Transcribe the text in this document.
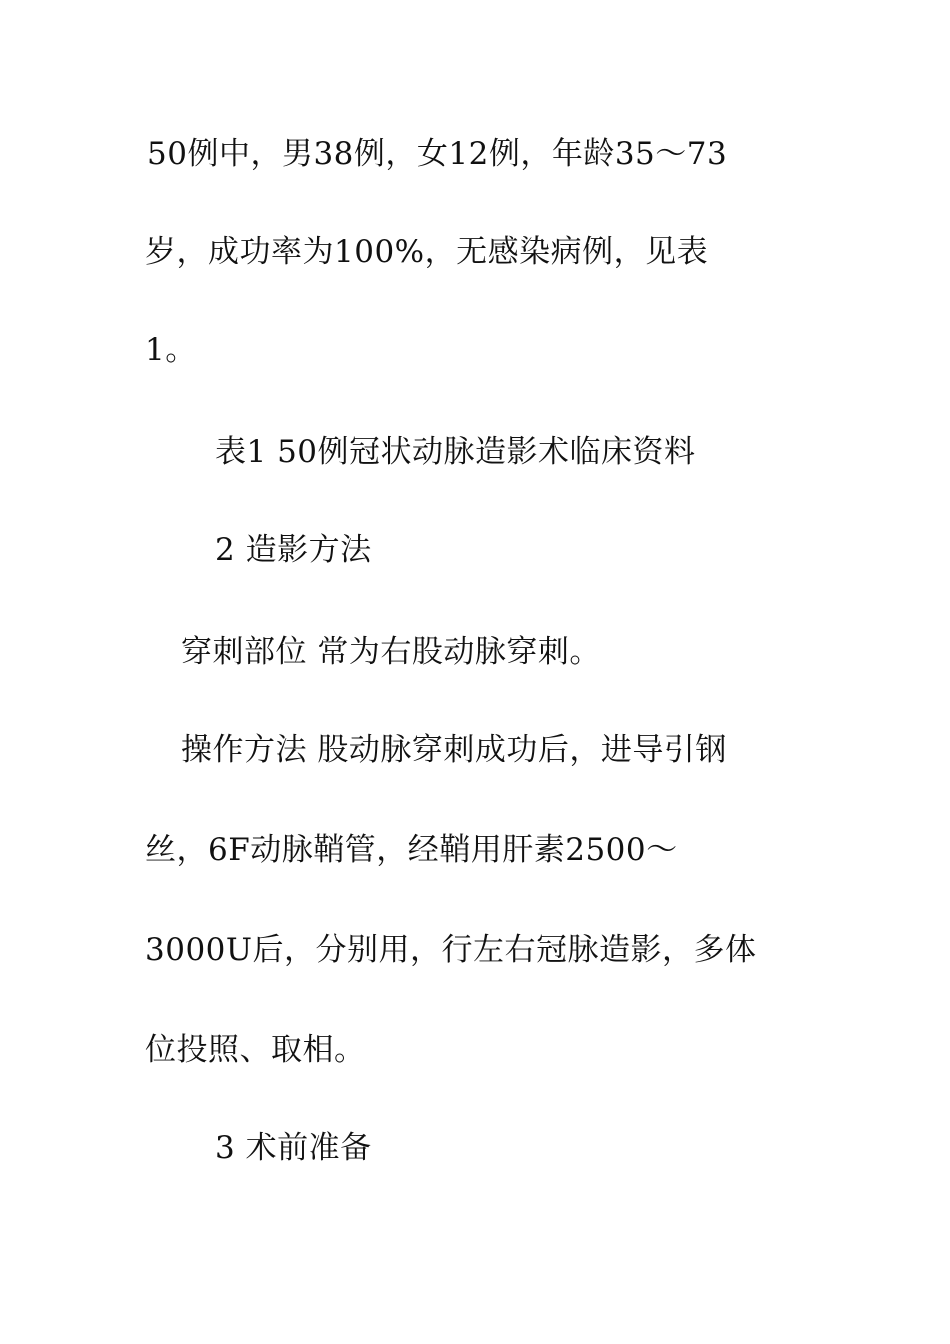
50例中，男38例，女12例，年龄35～73
岁，成功率为100%，无感染病例，见表
1。
表1 50例冠状动脉造影术临床资料
2 造影方法
穿刺部位 常为右股动脉穿刺。
操作方法 股动脉穿刺成功后，进导引钢
丝，6F动脉鞘管，经鞘用肝素2500～
3000U后，分别用，行左右冠脉造影，多体
位投照、取相。
3 术前准备
